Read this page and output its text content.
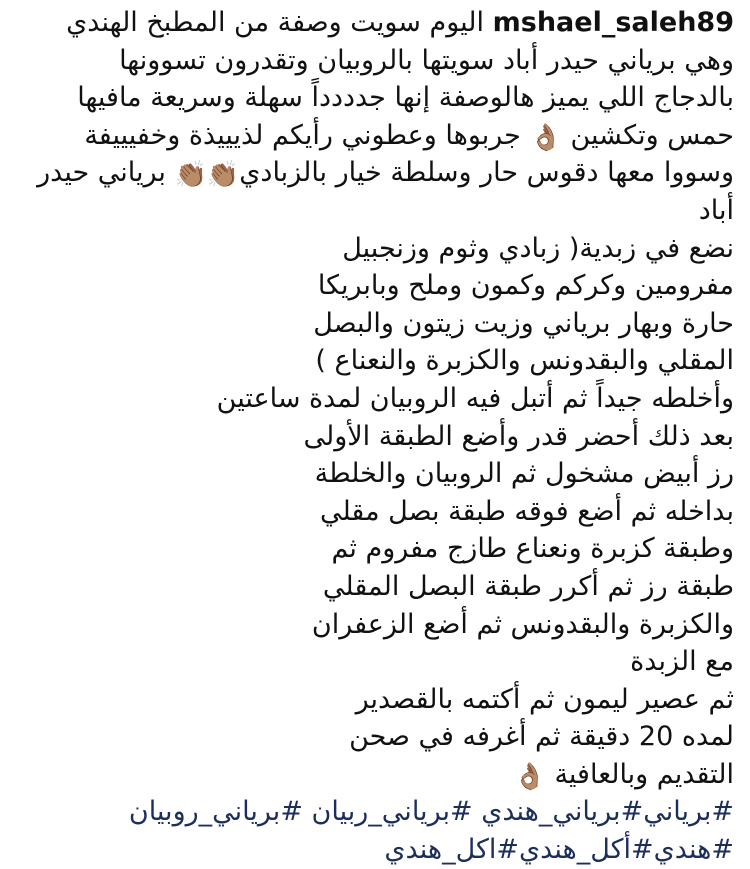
mshael_saleh89 اليوم سويت وصفة من المطبخ الهندي
وهي برياني حيدر أباد سويتها بالروبيان وتقدرون تسوونها
بالدجاج اللي يميز هالوصفة إنها جدددداً سهلة وسريعة مافيها
حمس وتكشين 👌🏽 جربوها وعطوني رأيكم لذيييذة وخفيييفة
وسووا معها دقوس حار وسلطة خيار بالزبادي👏🏽👏🏽 برياني حيدر
أباد
نضع في زبدية( زبادي وثوم وزنجبيل
مفرومين وكركم وكمون وملح وبابريكا
حارة وبهار برياني وزيت زيتون والبصل
المقلي والبقدونس والكزبرة والنعناع )
وأخلطه جيداً ثم أتبل فيه الروبيان لمدة ساعتين
بعد ذلك أحضر قدر وأضع الطبقة الأولى
رز أبيض مشخول ثم الروبيان والخلطة
بداخله ثم أضع فوقه طبقة بصل مقلي
وطبقة كزبرة ونعناع طازج مفروم ثم
طبقة رز ثم أكرر طبقة البصل المقلي
والكزبرة والبقدونس ثم أضع الزعفران
مع الزبدة
ثم عصير ليمون ثم أكتمه بالقصدير
لمده 20 دقيقة ثم أغرفه في صحن
التقديم وبالعافية 👌🏽
#برياني#برياني_هندي #برياني_ربيان #برياني_روبيان
#هندي#أكل_هندي#اكل_هندي
